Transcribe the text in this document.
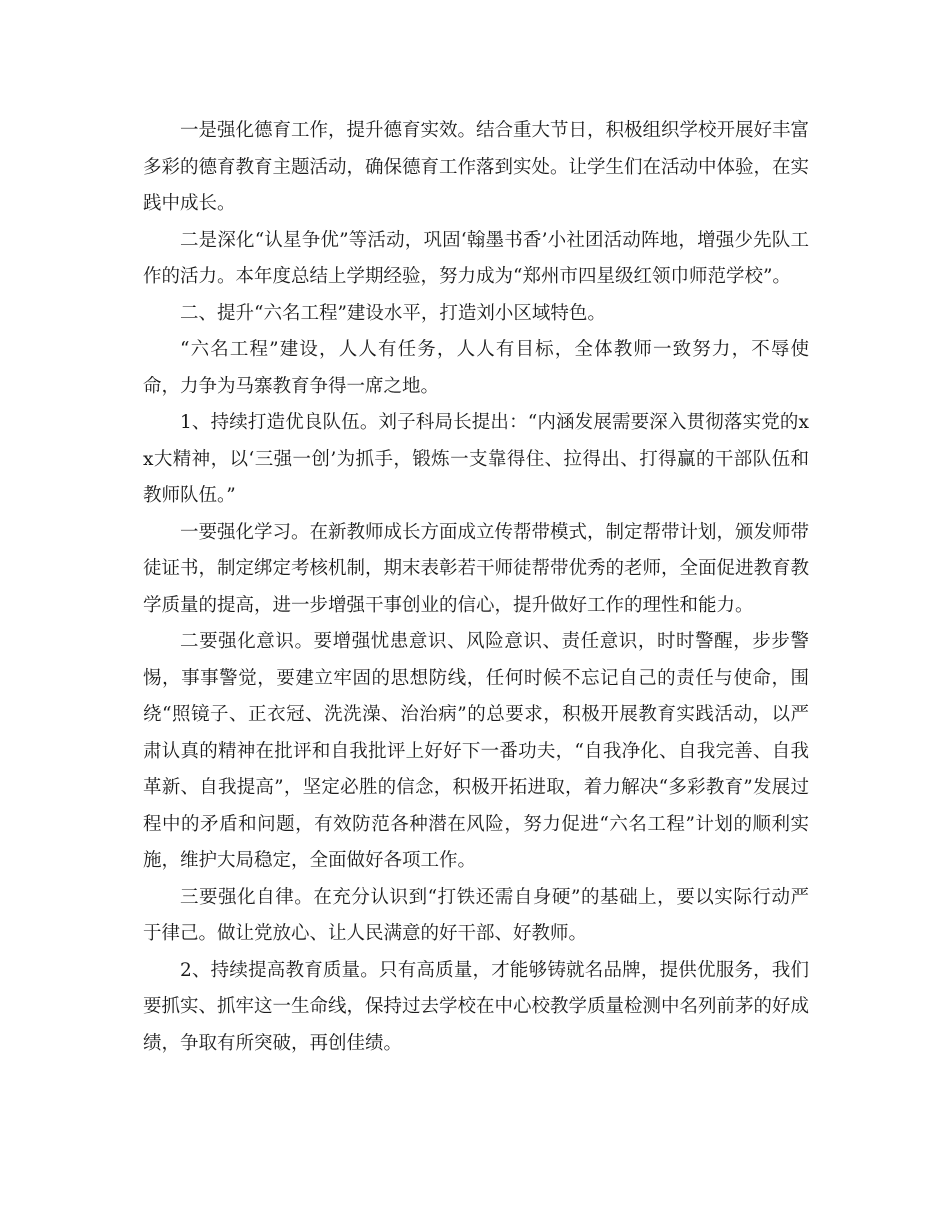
一是强化德育工作，提升德育实效。结合重大节日，积极组织学校开展好丰富多彩的德育教育主题活动，确保德育工作落到实处。让学生们在活动中体验，在实践中成长。

二是深化“认星争优”等活动，巩固‘翰墨书香’小社团活动阵地，增强少先队工作的活力。本年度总结上学期经验，努力成为“郑州市四星级红领巾师范学校”。

二、提升“六名工程”建设水平，打造刘小区域特色。

“六名工程”建设，人人有任务，人人有目标，全体教师一致努力，不辱使命，力争为马寨教育争得一席之地。

1、持续打造优良队伍。刘子科局长提出：“内涵发展需要深入贯彻落实党的xx大精神，以‘三强一创’为抓手，锻炼一支靠得住、拉得出、打得赢的干部队伍和教师队伍。”

一要强化学习。在新教师成长方面成立传帮带模式，制定帮带计划，颁发师带徒证书，制定绑定考核机制，期末表彰若干师徒帮带优秀的老师，全面促进教育教学质量的提高，进一步增强干事创业的信心，提升做好工作的理性和能力。

二要强化意识。要增强忧患意识、风险意识、责任意识，时时警醒，步步警惕，事事警觉，要建立牢固的思想防线，任何时候不忘记自己的责任与使命，围绕“照镜子、正衣冠、洗洗澡、治治病”的总要求，积极开展教育实践活动，以严肃认真的精神在批评和自我批评上好好下一番功夫，“自我净化、自我完善、自我革新、自我提高”，坚定必胜的信念，积极开拓进取，着力解决“多彩教育”发展过程中的矛盾和问题，有效防范各种潜在风险，努力促进“六名工程”计划的顺利实施，维护大局稳定，全面做好各项工作。

三要强化自律。在充分认识到“打铁还需自身硬”的基础上，要以实际行动严于律己。做让党放心、让人民满意的好干部、好教师。

2、持续提高教育质量。只有高质量，才能够铸就名品牌，提供优服务，我们要抓实、抓牢这一生命线，保持过去学校在中心校教学质量检测中名列前茅的好成绩，争取有所突破，再创佳绩。
